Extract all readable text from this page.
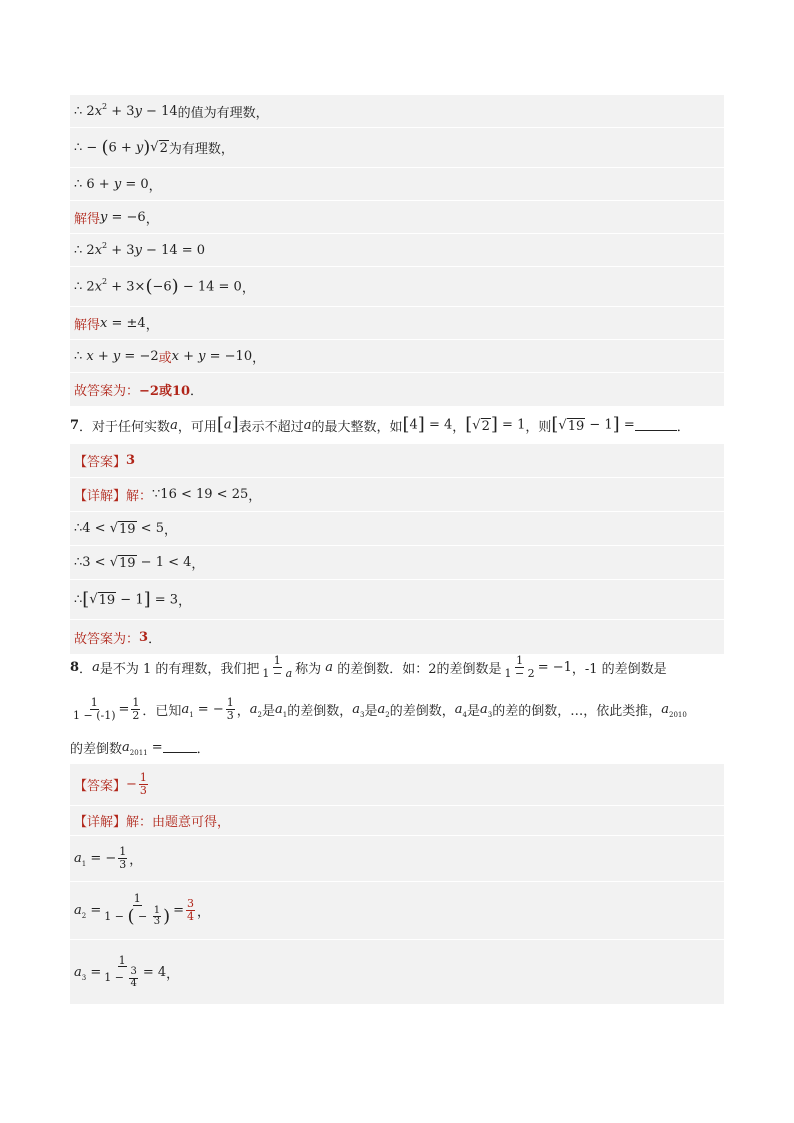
∴ $2x^2 + 3y - 14$ 的值为有理数，
∴ − (6 + y) √ 2 为有理数，
∴ 6 + y = 0 ，
解得 y = −6 ，
∴ $2x^2 + 3y - 14 = 0$
∴ $2x^2 + 3\times(-6) - 14 = 0$ ，
解得 x = ±4 ，
∴ x + y = −2 或 x + y = −10 ，
故答案为： −2或10 ．
7 ．对于任何实数 a ，可用 [a] 表示不超过 a 的最大整数，如 [4] = 4 ， [ √ 2 ] = 1 ，则 [ √ 19 − 1] =	．
【答案】 3
【详解】 解： ∵16 < 19 < 25 ，
∴4 < √ 19 < 5 ，
∴3 < √ 19 − 1 < 4 ，
∴[ √ 19 − 1] = 3 ，
故答案为： 3 ．
8 ． a 是不为 1 的有理数，我们把 $\frac{1}{1 - a}$ 称为 a 的差倒数．如：2的差倒数是 $\frac{1}{1 - 2} = -1$ ，-1 的差倒数是
$\frac{1}{1 - (-1)} = \frac{1}{2}$ ．已知 $a_1$ = − $\frac{1}{3}$ ， $a_2$ 是 $a_1$ 的差倒数， $a_3$ 是 $a_2$ 的差倒数， $a_4$ 是 $a_3$ 的差的倒数，…，依此类推， $a_{2010}$
的差倒数 $a_{2011}$ =	．
【答案】 − $\frac{1}{3}$
【详解】 解：由题意可得，
$a_1$ = − $\frac{1}{3}$ ，
$a_2 = \frac{1}{1 - ( - \frac{1}{3} )} = \frac{3}{4}$ ，
$a_3 = \frac{1}{1 - \frac{3}{4}} = 4$ ，
